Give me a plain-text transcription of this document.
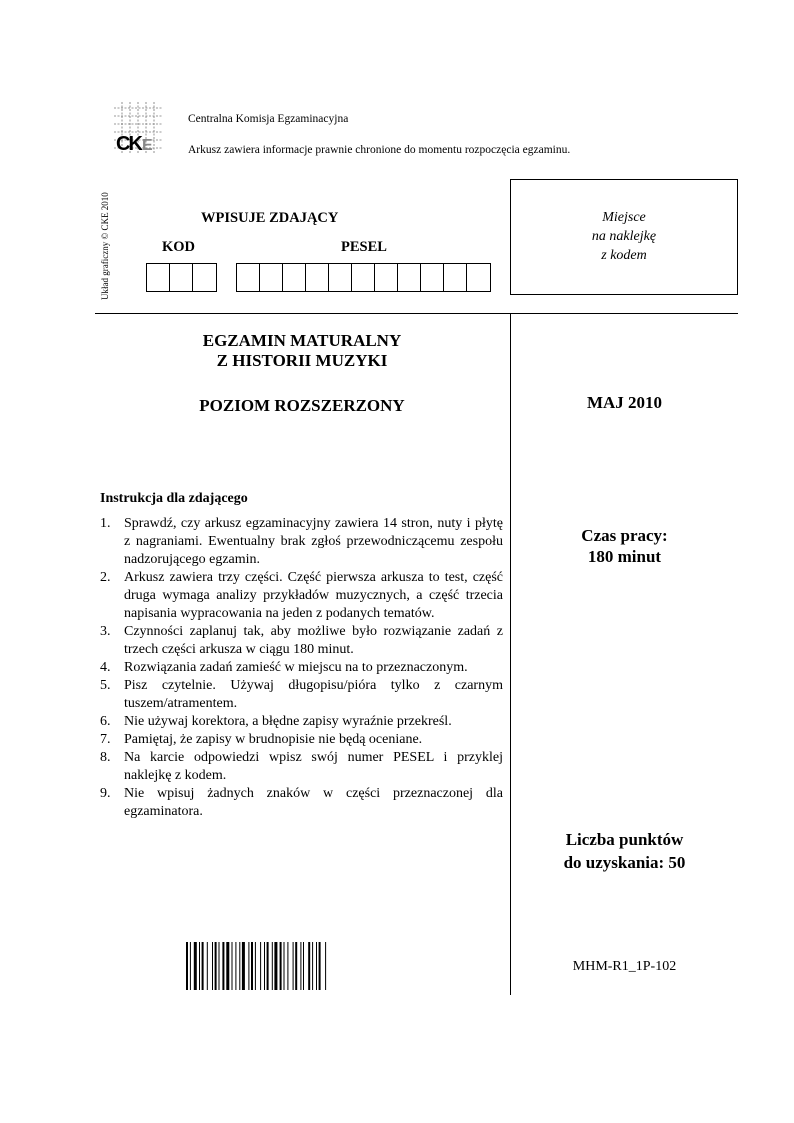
CK E
Centralna Komisja Egzaminacyjna
Arkusz zawiera informacje prawnie chronione do momentu rozpoczęcia egzaminu.
Układ graficzny © CKE 2010	WPISUJE ZDAJĄCY
KOD	PESEL
Miejsce
na naklejkę
z kodem
EGZAMIN MATURALNY
Z HISTORII MUZYKI
POZIOM ROZSZERZONY	MAJ 2010
Czas pracy:
180 minut
Liczba punktów
do uzyskania: 50
MHM-R1_1P-102
Instrukcja dla zdającego
1. Sprawdź, czy arkusz egzaminacyjny zawiera 14 stron, nuty i płytę z nagraniami. Ewentualny brak zgłoś przewodniczącemu zespołu nadzorującego egzamin.
2. Arkusz zawiera trzy części. Część pierwsza arkusza to test, część druga wymaga analizy przykładów muzycznych, a część trzecia napisania wypracowania na jeden z podanych tematów.
3. Czynności zaplanuj tak, aby możliwe było rozwiązanie zadań z trzech części arkusza w ciągu 180 minut.
4. Rozwiązania zadań zamieść w miejscu na to przeznaczonym.
5. Pisz czytelnie. Używaj długopisu/pióra tylko z czarnym tuszem/atramentem.
6. Nie używaj korektora, a błędne zapisy wyraźnie przekreśl.
7. Pamiętaj, że zapisy w brudnopisie nie będą oceniane.
8. Na karcie odpowiedzi wpisz swój numer PESEL i przyklej naklejkę z kodem.
9. Nie wpisuj żadnych znaków w części przeznaczonej dla egzaminatora.
